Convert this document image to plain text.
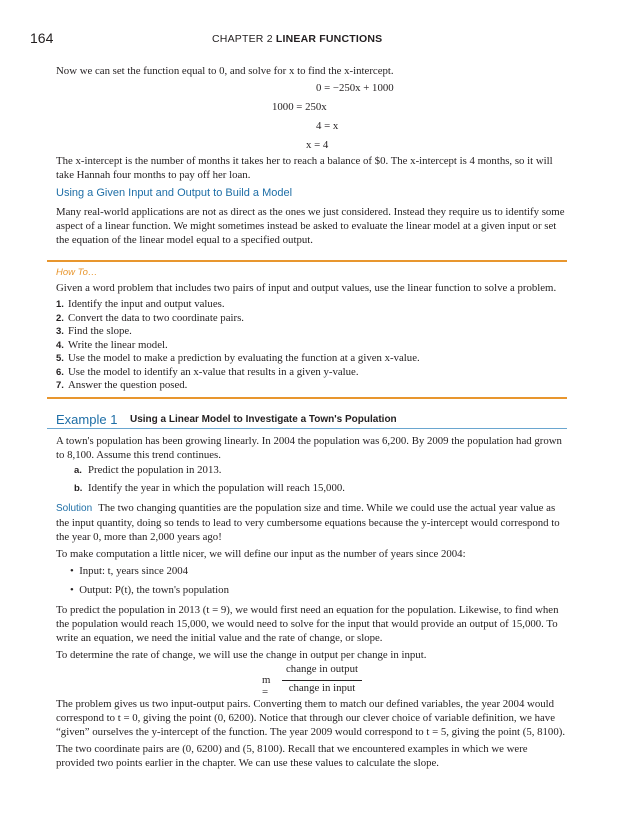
164	CHAPTER 2 LINEAR FUNCTIONS

Now we can set the function equal to 0, and solve for x to find the x-intercept.

0 = −250x + 1000
1000 = 250x
4 = x
x = 4

The x-intercept is the number of months it takes her to reach a balance of $0. The x-intercept is 4 months, so it will take Hannah four months to pay off her loan.

Using a Given Input and Output to Build a Model

Many real-world applications are not as direct as the ones we just considered. Instead they require us to identify some aspect of a linear function. We might sometimes instead be asked to evaluate the linear model at a given input or set the equation of the linear model equal to a specified output.

How To…

Given a word problem that includes two pairs of input and output values, use the linear function to solve a problem.

1. Identify the input and output values.
2. Convert the data to two coordinate pairs.
3. Find the slope.
4. Write the linear model.
5. Use the model to make a prediction by evaluating the function at a given x-value.
6. Use the model to identify an x-value that results in a given y-value.
7. Answer the question posed.
Example 1 Using a Linear Model to Investigate a Town's Population

A town's population has been growing linearly. In 2004 the population was 6,200. By 2009 the population had grown to 8,100. Assume this trend continues.

a. Predict the population in 2013.
b. Identify the year in which the population will reach 15,000.

Solution The two changing quantities are the population size and time. While we could use the actual year value as the input quantity, doing so tends to lead to very cumbersome equations because the y-intercept would correspond to the year 0, more than 2,000 years ago!

To make computation a little nicer, we will define our input as the number of years since 2004:

•  Input: t, years since 2004
•  Output: P(t), the town's population

To predict the population in 2013 (t = 9), we would first need an equation for the population. Likewise, to find when the population would reach 15,000, we would need to solve for the input that would provide an output of 15,000. To write an equation, we need the initial value and the rate of change, or slope.

To determine the rate of change, we will use the change in output per change in input.

m =
change in output
change in input

The problem gives us two input-output pairs. Converting them to match our defined variables, the year 2004 would correspond to t = 0, giving the point (0, 6200). Notice that through our clever choice of variable definition, we have “given” ourselves the y-intercept of the function. The year 2009 would correspond to t = 5, giving the point (5, 8100).

The two coordinate pairs are (0, 6200) and (5, 8100). Recall that we encountered examples in which we were provided two points earlier in the chapter. We can use these values to calculate the slope.
